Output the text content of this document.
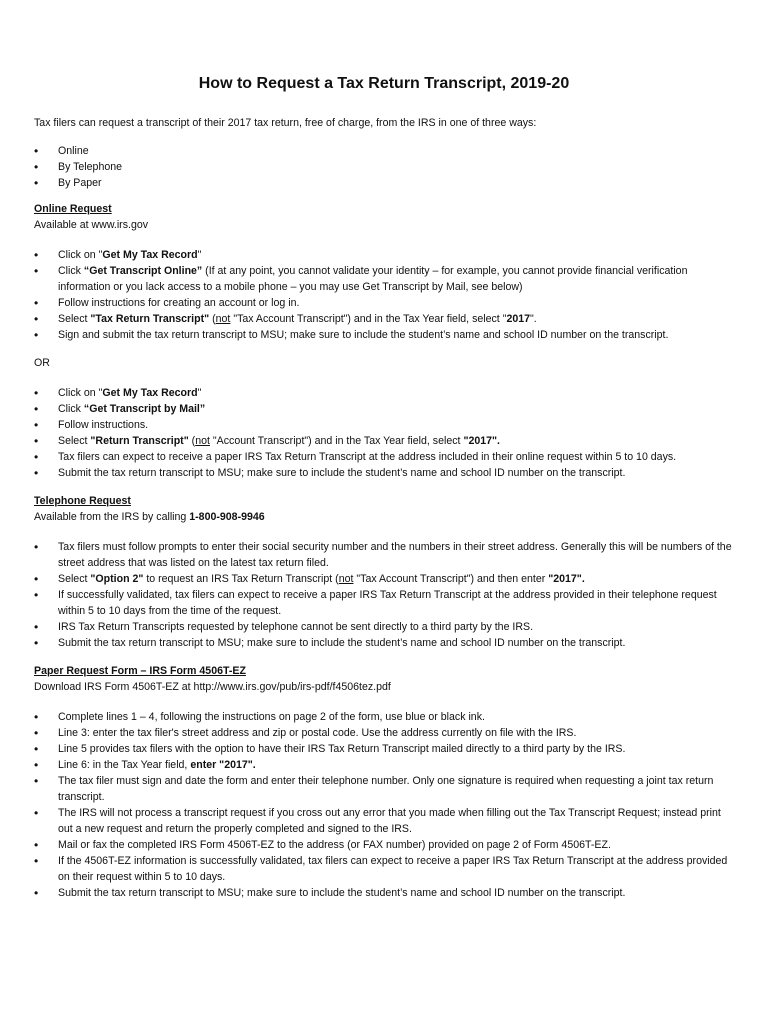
How to Request a Tax Return Transcript, 2019-20

Tax filers can request a transcript of their 2017 tax return, free of charge, from the IRS in one of three ways:

• Online
• By Telephone
• By Paper

Online Request

Available at www.irs.gov

• Click on "Get My Tax Record"
• Click “Get Transcript Online” (If at any point, you cannot validate your identity – for example, you cannot provide financial verification information or you lack access to a mobile phone – you may use Get Transcript by Mail, see below)
• Follow instructions for creating an account or log in.
• Select "Tax Return Transcript" (not "Tax Account Transcript") and in the Tax Year field, select "2017".
• Sign and submit the tax return transcript to MSU; make sure to include the student’s name and school ID number on the transcript.

OR

• Click on "Get My Tax Record"
• Click “Get Transcript by Mail”
• Follow instructions.
• Select "Return Transcript" (not "Account Transcript") and in the Tax Year field, select "2017".
• Tax filers can expect to receive a paper IRS Tax Return Transcript at the address included in their online request within 5 to 10 days.
• Submit the tax return transcript to MSU; make sure to include the student’s name and school ID number on the transcript.

Telephone Request

Available from the IRS by calling 1-800-908-9946

• Tax filers must follow prompts to enter their social security number and the numbers in their street address. Generally this will be numbers of the street address that was listed on the latest tax return filed.
• Select "Option 2" to request an IRS Tax Return Transcript (not "Tax Account Transcript") and then enter "2017".
• If successfully validated, tax filers can expect to receive a paper IRS Tax Return Transcript at the address provided in their telephone request within 5 to 10 days from the time of the request.
• IRS Tax Return Transcripts requested by telephone cannot be sent directly to a third party by the IRS.
• Submit the tax return transcript to MSU; make sure to include the student’s name and school ID number on the transcript.

Paper Request Form – IRS Form 4506T-EZ

Download IRS Form 4506T-EZ at http://www.irs.gov/pub/irs-pdf/f4506tez.pdf

• Complete lines 1 – 4, following the instructions on page 2 of the form, use blue or black ink.
• Line 3: enter the tax filer's street address and zip or postal code. Use the address currently on file with the IRS.
• Line 5 provides tax filers with the option to have their IRS Tax Return Transcript mailed directly to a third party by the IRS.
• Line 6: in the Tax Year field, enter "2017".
• The tax filer must sign and date the form and enter their telephone number. Only one signature is required when requesting a joint tax return transcript.
• The IRS will not process a transcript request if you cross out any error that you made when filling out the Tax Transcript Request; instead print out a new request and return the properly completed and signed to the IRS.
• Mail or fax the completed IRS Form 4506T-EZ to the address (or FAX number) provided on page 2 of Form 4506T-EZ.
• If the 4506T-EZ information is successfully validated, tax filers can expect to receive a paper IRS Tax Return Transcript at the address provided on their request within 5 to 10 days.
• Submit the tax return transcript to MSU; make sure to include the student’s name and school ID number on the transcript.
